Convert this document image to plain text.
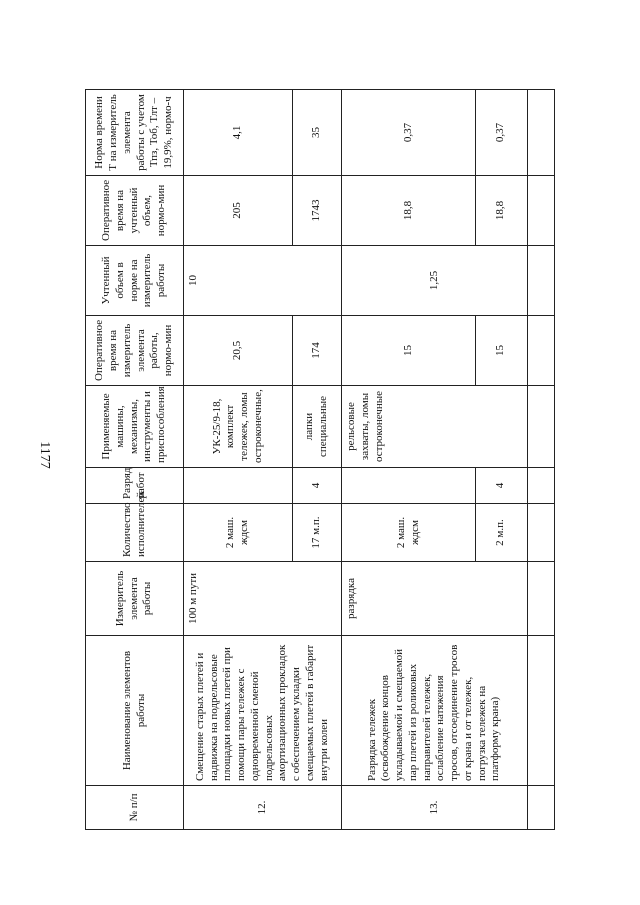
1177
№ п/п	Наименование элементов работы	Измеритель элемента работы	Количество исполнителей	Разряд работ	Применяемые машины, механизмы, инструменты и приспособления	Оперативное время на измеритель элемента работы, нормо-мин	Учтенный объем в норме на измеритель работы	Оперативное время на учтенный объем, нормо-мин	Норма времени Т на измеритель элемента работы с учетом Тпз, Тоб, Тлт – 19,9%, нормо-ч
12.	Смещение старых плетей и надвижка на подрельсовые площадки новых плетей при помощи пары тележек с одновременной сменой подрельсовых амортизационных прокладок с обеспечением укладки смещаемых плетей в габарит внутри колеи	100 м пути	2 маш. ждсм		УК-25/9-18, комплект тележек, ломы остроконечные,	20,5	10	205	4,1
			17 м.п.	4	лапки специальные	174		1743	35
13.	Разрядка тележек (освобождение концов укладываемой и смещаемой пар плетей из роликовых направителей тележек, ослабление натяжения тросов, отсоединение тросов от крана и от тележек, погрузка тележек на платформу крана)	разрядка	2 маш. ждсм		рельсовые захваты, ломы остроконечные	15	1,25	18,8	0,37
			2 м.п.	4		15		18,8	0,37
